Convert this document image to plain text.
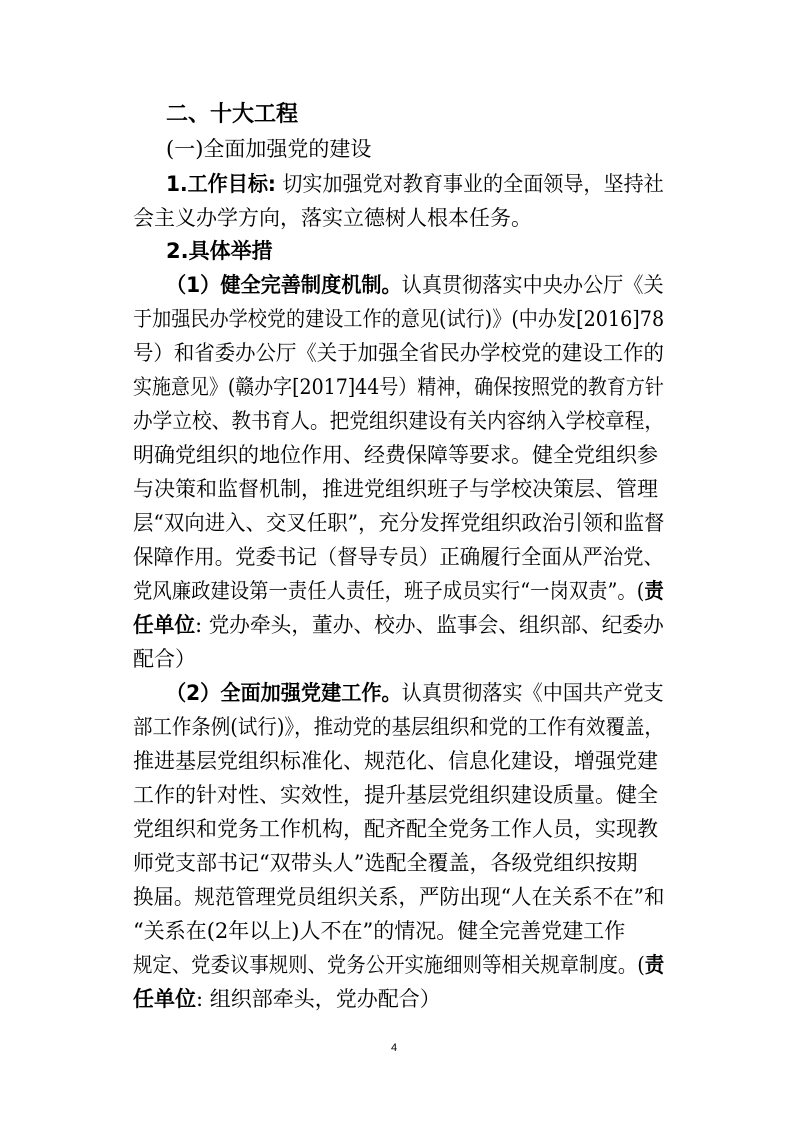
二、十大工程
(一)全面加强党的建设
1.工作目标: 切实加强党对教育事业的全面领导，坚持社
会主义办学方向，落实立德树人根本任务。
2.具体举措
（1）健全完善制度机制。认真贯彻落实中央办公厅《关
于加强民办学校党的建设工作的意见(试行)》(中办发[2016]78
号）和省委办公厅《关于加强全省民办学校党的建设工作的
实施意见》(赣办字[2017]44号）精神，确保按照党的教育方针
办学立校、教书育人。把党组织建设有关内容纳入学校章程，
明确党组织的地位作用、经费保障等要求。健全党组织参
与决策和监督机制，推进党组织班子与学校决策层、管理
层“双向进入、交叉任职”，充分发挥党组织政治引领和监督
保障作用。党委书记（督导专员）正确履行全面从严治党、
党风廉政建设第一责任人责任，班子成员实行“一岗双责”。(责
任单位: 党办牵头，董办、校办、监事会、组织部、纪委办
配合）
（2）全面加强党建工作。认真贯彻落实《中国共产党支
部工作条例(试行)》，推动党的基层组织和党的工作有效覆盖，
推进基层党组织标准化、规范化、信息化建设，增强党建
工作的针对性、实效性，提升基层党组织建设质量。健全
党组织和党务工作机构，配齐配全党务工作人员，实现教
师党支部书记“双带头人”选配全覆盖，各级党组织按期
换届。规范管理党员组织关系，严防出现“人在关系不在”和
“关系在(2年以上)人不在”的情况。健全完善党建工作
规定、党委议事规则、党务公开实施细则等相关规章制度。(责
任单位: 组织部牵头，党办配合）
4
